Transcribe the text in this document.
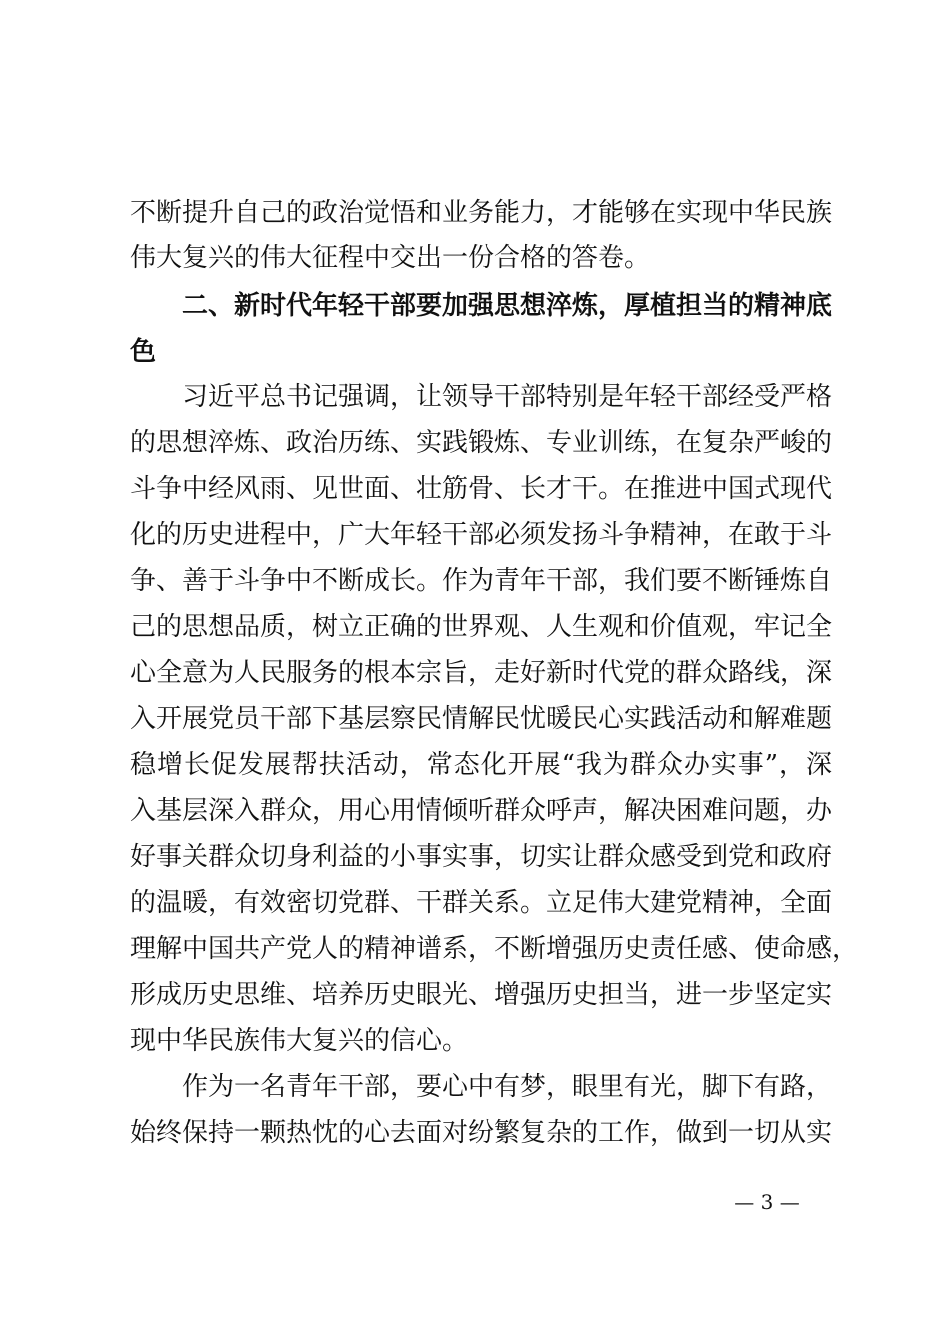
不断提升自己的政治觉悟和业务能力，才能够在实现中华民族
伟大复兴的伟大征程中交出一份合格的答卷。
二、新时代年轻干部要加强思想淬炼，厚植担当的精神底
色
习近平总书记强调，让领导干部特别是年轻干部经受严格
的思想淬炼、政治历练、实践锻炼、专业训练，在复杂严峻的
斗争中经风雨、见世面、壮筋骨、长才干。在推进中国式现代
化的历史进程中，广大年轻干部必须发扬斗争精神，在敢于斗
争、善于斗争中不断成长。作为青年干部，我们要不断锤炼自
己的思想品质，树立正确的世界观、人生观和价值观，牢记全
心全意为人民服务的根本宗旨，走好新时代党的群众路线，深
入开展党员干部下基层察民情解民忧暖民心实践活动和解难题
稳增长促发展帮扶活动，常态化开展“我为群众办实事”，深
入基层深入群众，用心用情倾听群众呼声，解决困难问题，办
好事关群众切身利益的小事实事，切实让群众感受到党和政府
的温暖，有效密切党群、干群关系。立足伟大建党精神，全面
理解中国共产党人的精神谱系，不断增强历史责任感、使命感，
形成历史思维、培养历史眼光、增强历史担当，进一步坚定实
现中华民族伟大复兴的信心。
作为一名青年干部，要心中有梦，眼里有光，脚下有路，
始终保持一颗热忱的心去面对纷繁复杂的工作，做到一切从实
— 3 —
